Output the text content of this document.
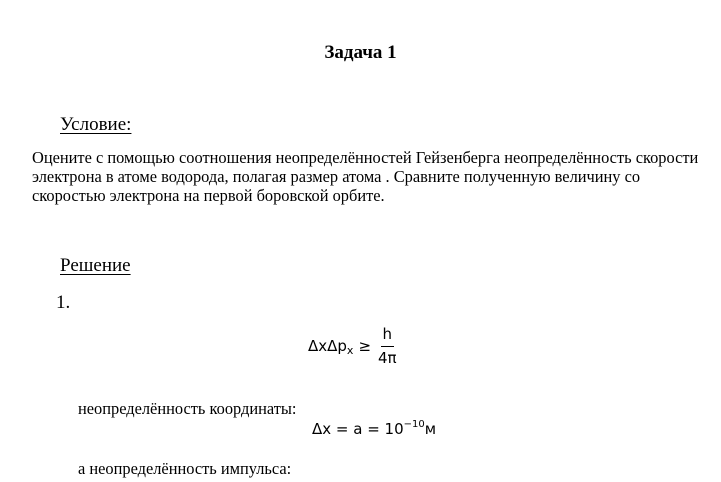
Задача 1
Условие:
Оцените с помощью соотношения неопределённостей Гейзенберга неопределённость скорости электрона в атоме водорода, полагая размер атома . Сравните полученную величину со скоростью электрона на первой боровской орбите.
Решение
1.
ΔxΔp $x \ge \frac{h}{4\pi}$
неопределённость координаты:
$\Delta x = a = 10^{-10}м$
а неопределённость импульса:
